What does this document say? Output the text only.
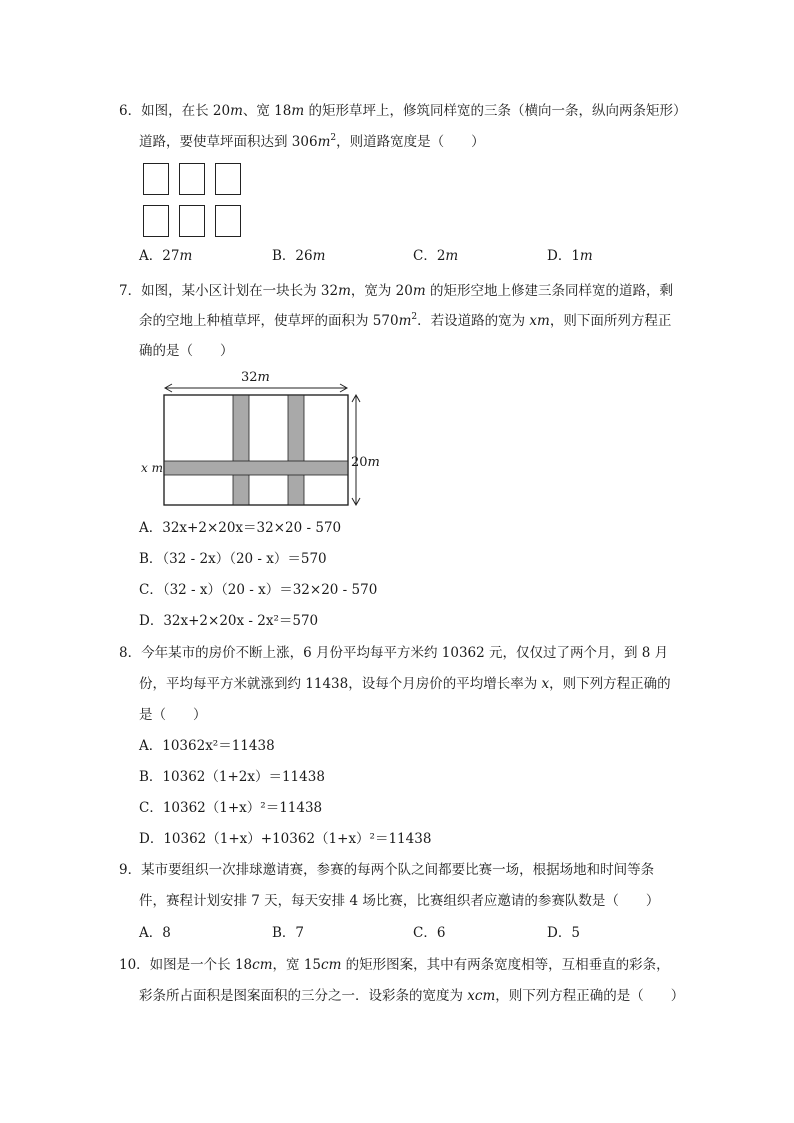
6．如图，在长 20m、宽 18m 的矩形草坪上，修筑同样宽的三条（横向一条，纵向两条矩形）
道路，要使草坪面积达到 $306m^2$，则道路宽度是（　　）
A．27m	B．26m	C．2m	D．1m
7．如图，某小区计划在一块长为 32m，宽为 20m 的矩形空地上修建三条同样宽的道路，剩
余的空地上种植草坪，使草坪的面积为 $570m^2$．若设道路的宽为 xm，则下面所列方程正
确的是（　　）
32m
20m
x m
A．32x+2×20x＝32×20 - 570
B．（32 - 2x）（20 - x）＝570
C．（32 - x）（20 - x）＝32×20 - 570
D．32x+2×20x - 2x²＝570
8．今年某市的房价不断上涨，6 月份平均每平方米约 10362 元，仅仅过了两个月，到 8 月
份，平均每平方米就涨到约 11438，设每个月房价的平均增长率为 x，则下列方程正确的
是（　　）
A．10362x²＝11438
B．10362（1+2x）＝11438
C．10362（1+x）²＝11438
D．10362（1+x）+10362（1+x）²＝11438
9．某市要组织一次排球邀请赛，参赛的每两个队之间都要比赛一场，根据场地和时间等条
件，赛程计划安排 7 天，每天安排 4 场比赛，比赛组织者应邀请的参赛队数是（　　）
A．8	B．7	C．6	D．5
10．如图是一个长 18cm，宽 15cm 的矩形图案，其中有两条宽度相等，互相垂直的彩条，
彩条所占面积是图案面积的三分之一．设彩条的宽度为 xcm，则下列方程正确的是（　　）
